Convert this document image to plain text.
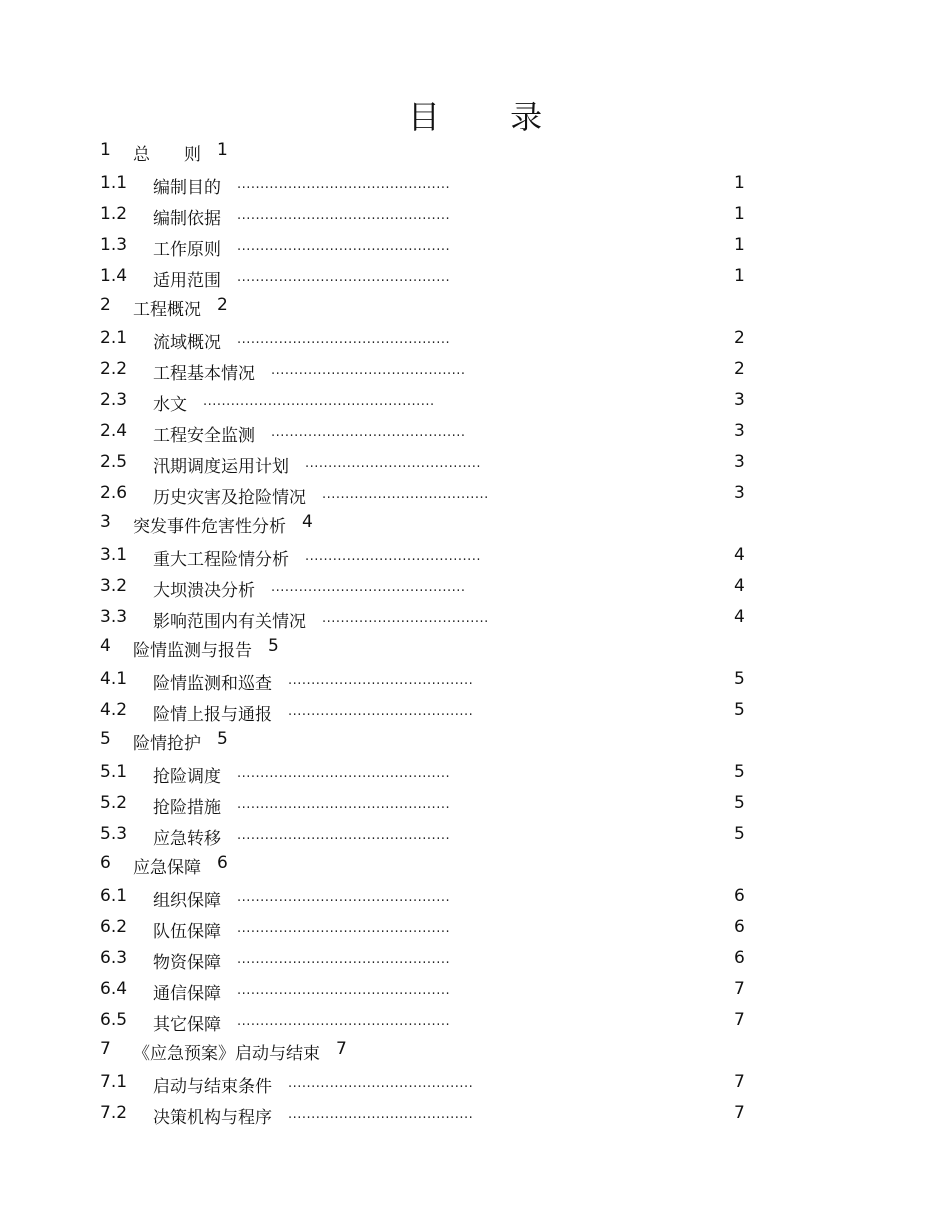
目 录
1 总　　则 1
1.1 编制目的 ..............................................	1
1.2 编制依据 ..............................................	1
1.3 工作原则 ..............................................	1
1.4 适用范围 ..............................................	1
2 工程概况 2
2.1 流域概况 ..............................................	2
2.2 工程基本情况 ..........................................	2
2.3 水文 ..................................................	3
2.4 工程安全监测 ..........................................	3
2.5 汛期调度运用计划 ......................................	3
2.6 历史灾害及抢险情况 ....................................	3
3 突发事件危害性分析 4
3.1 重大工程险情分析 ......................................	4
3.2 大坝溃决分析 ..........................................	4
3.3 影响范围内有关情况 ....................................	4
4 险情监测与报告 5
4.1 险情监测和巡查 ........................................	5
4.2 险情上报与通报 ........................................	5
5 险情抢护 5
5.1 抢险调度 ..............................................	5
5.2 抢险措施 ..............................................	5
5.3 应急转移 ..............................................	5
6 应急保障 6
6.1 组织保障 ..............................................	6
6.2 队伍保障 ..............................................	6
6.3 物资保障 ..............................................	6
6.4 通信保障 ..............................................	7
6.5 其它保障 ..............................................	7
7 《应急预案》启动与结束 7
7.1 启动与结束条件 ........................................	7
7.2 决策机构与程序 ........................................	7
